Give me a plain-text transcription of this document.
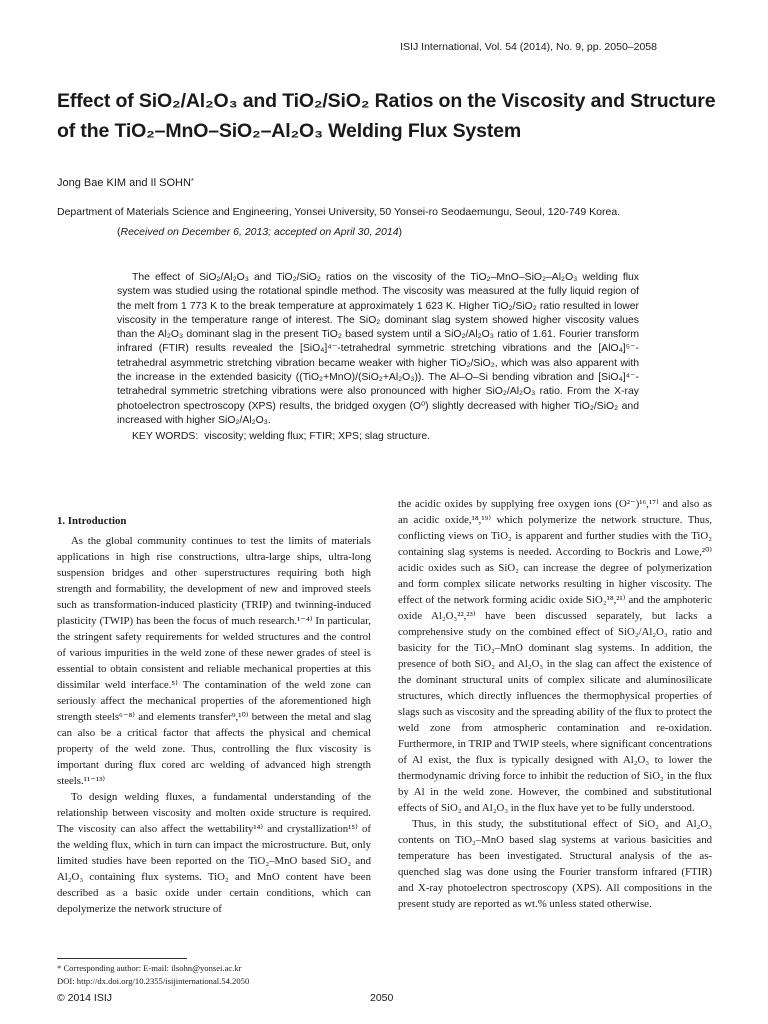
ISIJ International, Vol. 54 (2014), No. 9, pp. 2050–2058
Effect of SiO₂/Al₂O₃ and TiO₂/SiO₂ Ratios on the Viscosity and Structure of the TiO₂–MnO–SiO₂–Al₂O₃ Welding Flux System
Jong Bae KIM and Il SOHN*
Department of Materials Science and Engineering, Yonsei University, 50 Yonsei-ro Seodaemungu, Seoul, 120-749 Korea.
(Received on December 6, 2013; accepted on April 30, 2014)

The effect of SiO₂/Al₂O₃ and TiO₂/SiO₂ ratios on the viscosity of the TiO₂–MnO–SiO₂–Al₂O₃ welding flux system was studied using the rotational spindle method. The viscosity was measured at the fully liquid region of the melt from 1 773 K to the break temperature at approximately 1 623 K. Higher TiO₂/SiO₂ ratio resulted in lower viscosity in the temperature range of interest. The SiO₂ dominant slag system showed higher viscosity values than the Al₂O₃ dominant slag in the present TiO₂ based system until a SiO₂/Al₂O₃ ratio of 1.61. Fourier transform infrared (FTIR) results revealed the [SiO₄]⁴⁻-tetrahedral symmetric stretching vibrations and the [AlO₄]⁵⁻-tetrahedral asymmetric stretching vibration became weaker with higher TiO₂/SiO₂, which was also apparent with the increase in the extended basicity ((TiO₂+MnO)/(SiO₂+Al₂O₃)). The Al–O–Si bending vibration and [SiO₄]⁴⁻-tetrahedral symmetric stretching vibrations were also pronounced with higher SiO₂/Al₂O₃ ratio. From the X-ray photoelectron spectroscopy (XPS) results, the bridged oxygen (O⁰) slightly decreased with higher TiO₂/SiO₂ and increased with higher SiO₂/Al₂O₃.

KEY WORDS: viscosity; welding flux; FTIR; XPS; slag structure.
1. Introduction

As the global community continues to test the limits of materials applications in high rise constructions, ultra-large ships, ultra-long suspension bridges and other superstructures requiring both high strength and formability, the development of new and improved steels such as transformation-induced plasticity (TRIP) and twinning-induced plasticity (TWIP) has been the focus of much research.¹⁻⁴⁾ In particular, the stringent safety requirements for welded structures and the control of various impurities in the weld zone of these newer grades of steel is essential to obtain consistent and reliable mechanical properties at this dissimilar weld interface.⁵⁾ The contamination of the weld zone can seriously affect the mechanical properties of the aforementioned high strength steels⁶⁻⁸⁾ and elements transfer⁹,¹⁰⁾ between the metal and slag can also be a critical factor that affects the physical and chemical property of the weld zone. Thus, controlling the flux viscosity is important during flux cored arc welding of advanced high strength steels.¹¹⁻¹³⁾

To design welding fluxes, a fundamental understanding of the relationship between viscosity and molten oxide structure is required. The viscosity can also affect the wettability¹⁴⁾ and crystallization¹⁵⁾ of the welding flux, which in turn can impact the microstructure. But, only limited studies have been reported on the TiO₂–MnO based SiO₂ and Al₂O₃ containing flux systems. TiO₂ and MnO content have been described as a basic oxide under certain conditions, which can depolymerize the network structure of

the acidic oxides by supplying free oxygen ions (O²⁻)¹⁶,¹⁷⁾ and also as an acidic oxide,¹⁸,¹⁹⁾ which polymerize the network structure. Thus, conflicting views on TiO₂ is apparent and further studies with the TiO₂ containing slag systems is needed. According to Bockris and Lowe,²⁰⁾ acidic oxides such as SiO₂ can increase the degree of polymerization and form complex silicate networks resulting in higher viscosity. The effect of the network forming acidic oxide SiO₂¹⁸,²¹⁾ and the amphoteric oxide Al₂O₃²²,²³⁾ have been discussed separately, but lacks a comprehensive study on the combined effect of SiO₂/Al₂O₃ ratio and basicity for the TiO₂–MnO dominant slag systems. In addition, the presence of both SiO₂ and Al₂O₃ in the slag can affect the existence of the dominant structural units of complex silicate and aluminosilicate structures, which directly influences the thermophysical properties of slags such as viscosity and the spreading ability of the flux to protect the weld zone from atmospheric contamination and re-oxidation. Furthermore, in TRIP and TWIP steels, where significant concentrations of Al exist, the flux is typically designed with Al₂O₃ to lower the thermodynamic driving force to inhibit the reduction of SiO₂ in the flux by Al in the weld zone. However, the combined and substitutional effects of SiO₂ and Al₂O₃ in the flux have yet to be fully understood.

Thus, in this study, the substitutional effect of SiO₂ and Al₂O₃ contents on TiO₂–MnO based slag systems at various basicities and temperature has been investigated. Structural analysis of the as-quenched slag was done using the Fourier transform infrared (FTIR) and X-ray photoelectron spectroscopy (XPS). All compositions in the present study are reported as wt.% unless stated otherwise.

* Corresponding author: E-mail: ilsohn@yonsei.ac.kr
DOI: http://dx.doi.org/10.2355/isijinternational.54.2050
© 2014 ISIJ	2050
